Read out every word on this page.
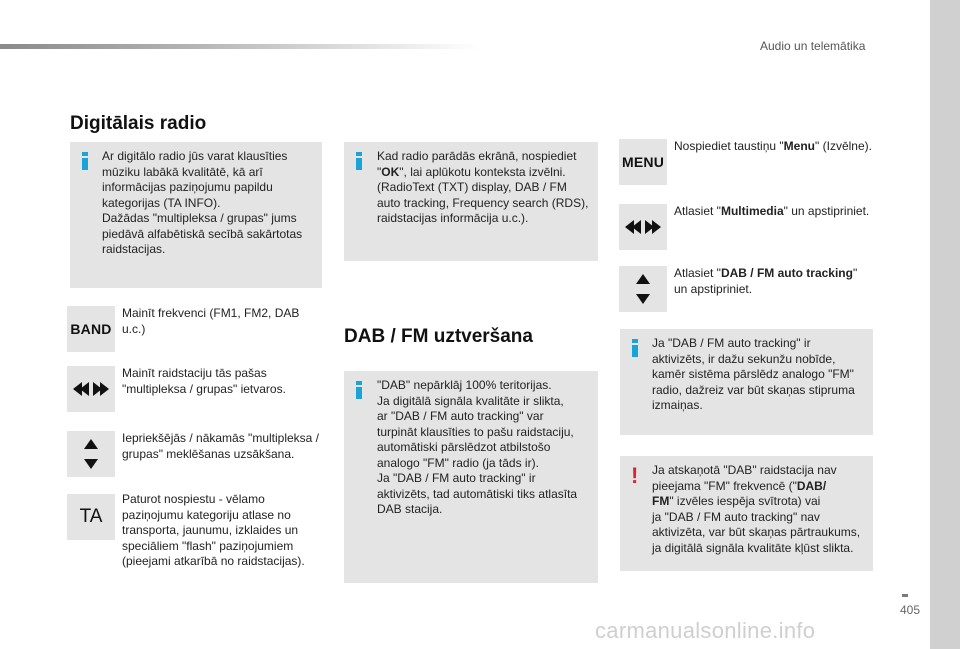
Audio un telemātika
Digitālais radio
Ar digitālo radio jūs varat klausīties
mūziku labākā kvalitātē, kā arī
informācijas paziņojumu papildu
kategorijas (TA INFO).
Dažādas "multipleksa / grupas" jums
piedāvā alfabētiskā secībā sakārtotas
raidstacijas.
Kad radio parādās ekrānā, nospiediet
"OK", lai aplūkotu konteksta izvēlni.
(RadioText (TXT) display, DAB / FM
auto tracking, Frequency search (RDS),
raidstacijas informācija u.c.).
BAND
Mainīt frekvenci (FM1, FM2, DAB
u.c.)
Mainīt raidstaciju tās pašas
"multipleksa / grupas" ietvaros.
Iepriekšējās / nākamās "multipleksa /
grupas" meklēšanas uzsākšana.
TA
Paturot nospiestu - vēlamo
paziņojumu kategoriju atlase no
transporta, jaunumu, izklaides un
speciāliem "flash" paziņojumiem
(pieejami atkarībā no raidstacijas).
DAB / FM uztveršana
"DAB" nepārklāj 100% teritorijas.
Ja digitālā signāla kvalitāte ir slikta,
ar "DAB / FM auto tracking" var
turpināt klausīties to pašu raidstaciju,
automātiski pārslēdzot atbilstošo
analogo "FM" radio (ja tāds ir).
Ja "DAB / FM auto tracking" ir
aktivizēts, tad automātiski tiks atlasīta
DAB stacija.
MENU
Nospiediet taustiņu "Menu" (Izvēlne).
Atlasiet "Multimedia" un apstipriniet.
Atlasiet "DAB / FM auto tracking"
un apstipriniet.
Ja "DAB / FM auto tracking" ir
aktivizēts, ir dažu sekunžu nobīde,
kamēr sistēma pārslēdz analogo "FM"
radio, dažreiz var būt skaņas stipruma
izmaiņas.
! Ja atskaņotā "DAB" raidstacija nav
pieejama "FM" frekvencē ("DAB/
FM" izvēles iespēja svītrota) vai
ja "DAB / FM auto tracking" nav
aktivizēta, var būt skaņas pārtraukums,
ja digitālā signāla kvalitāte kļūst slikta.
405
carmanualsonline.info
